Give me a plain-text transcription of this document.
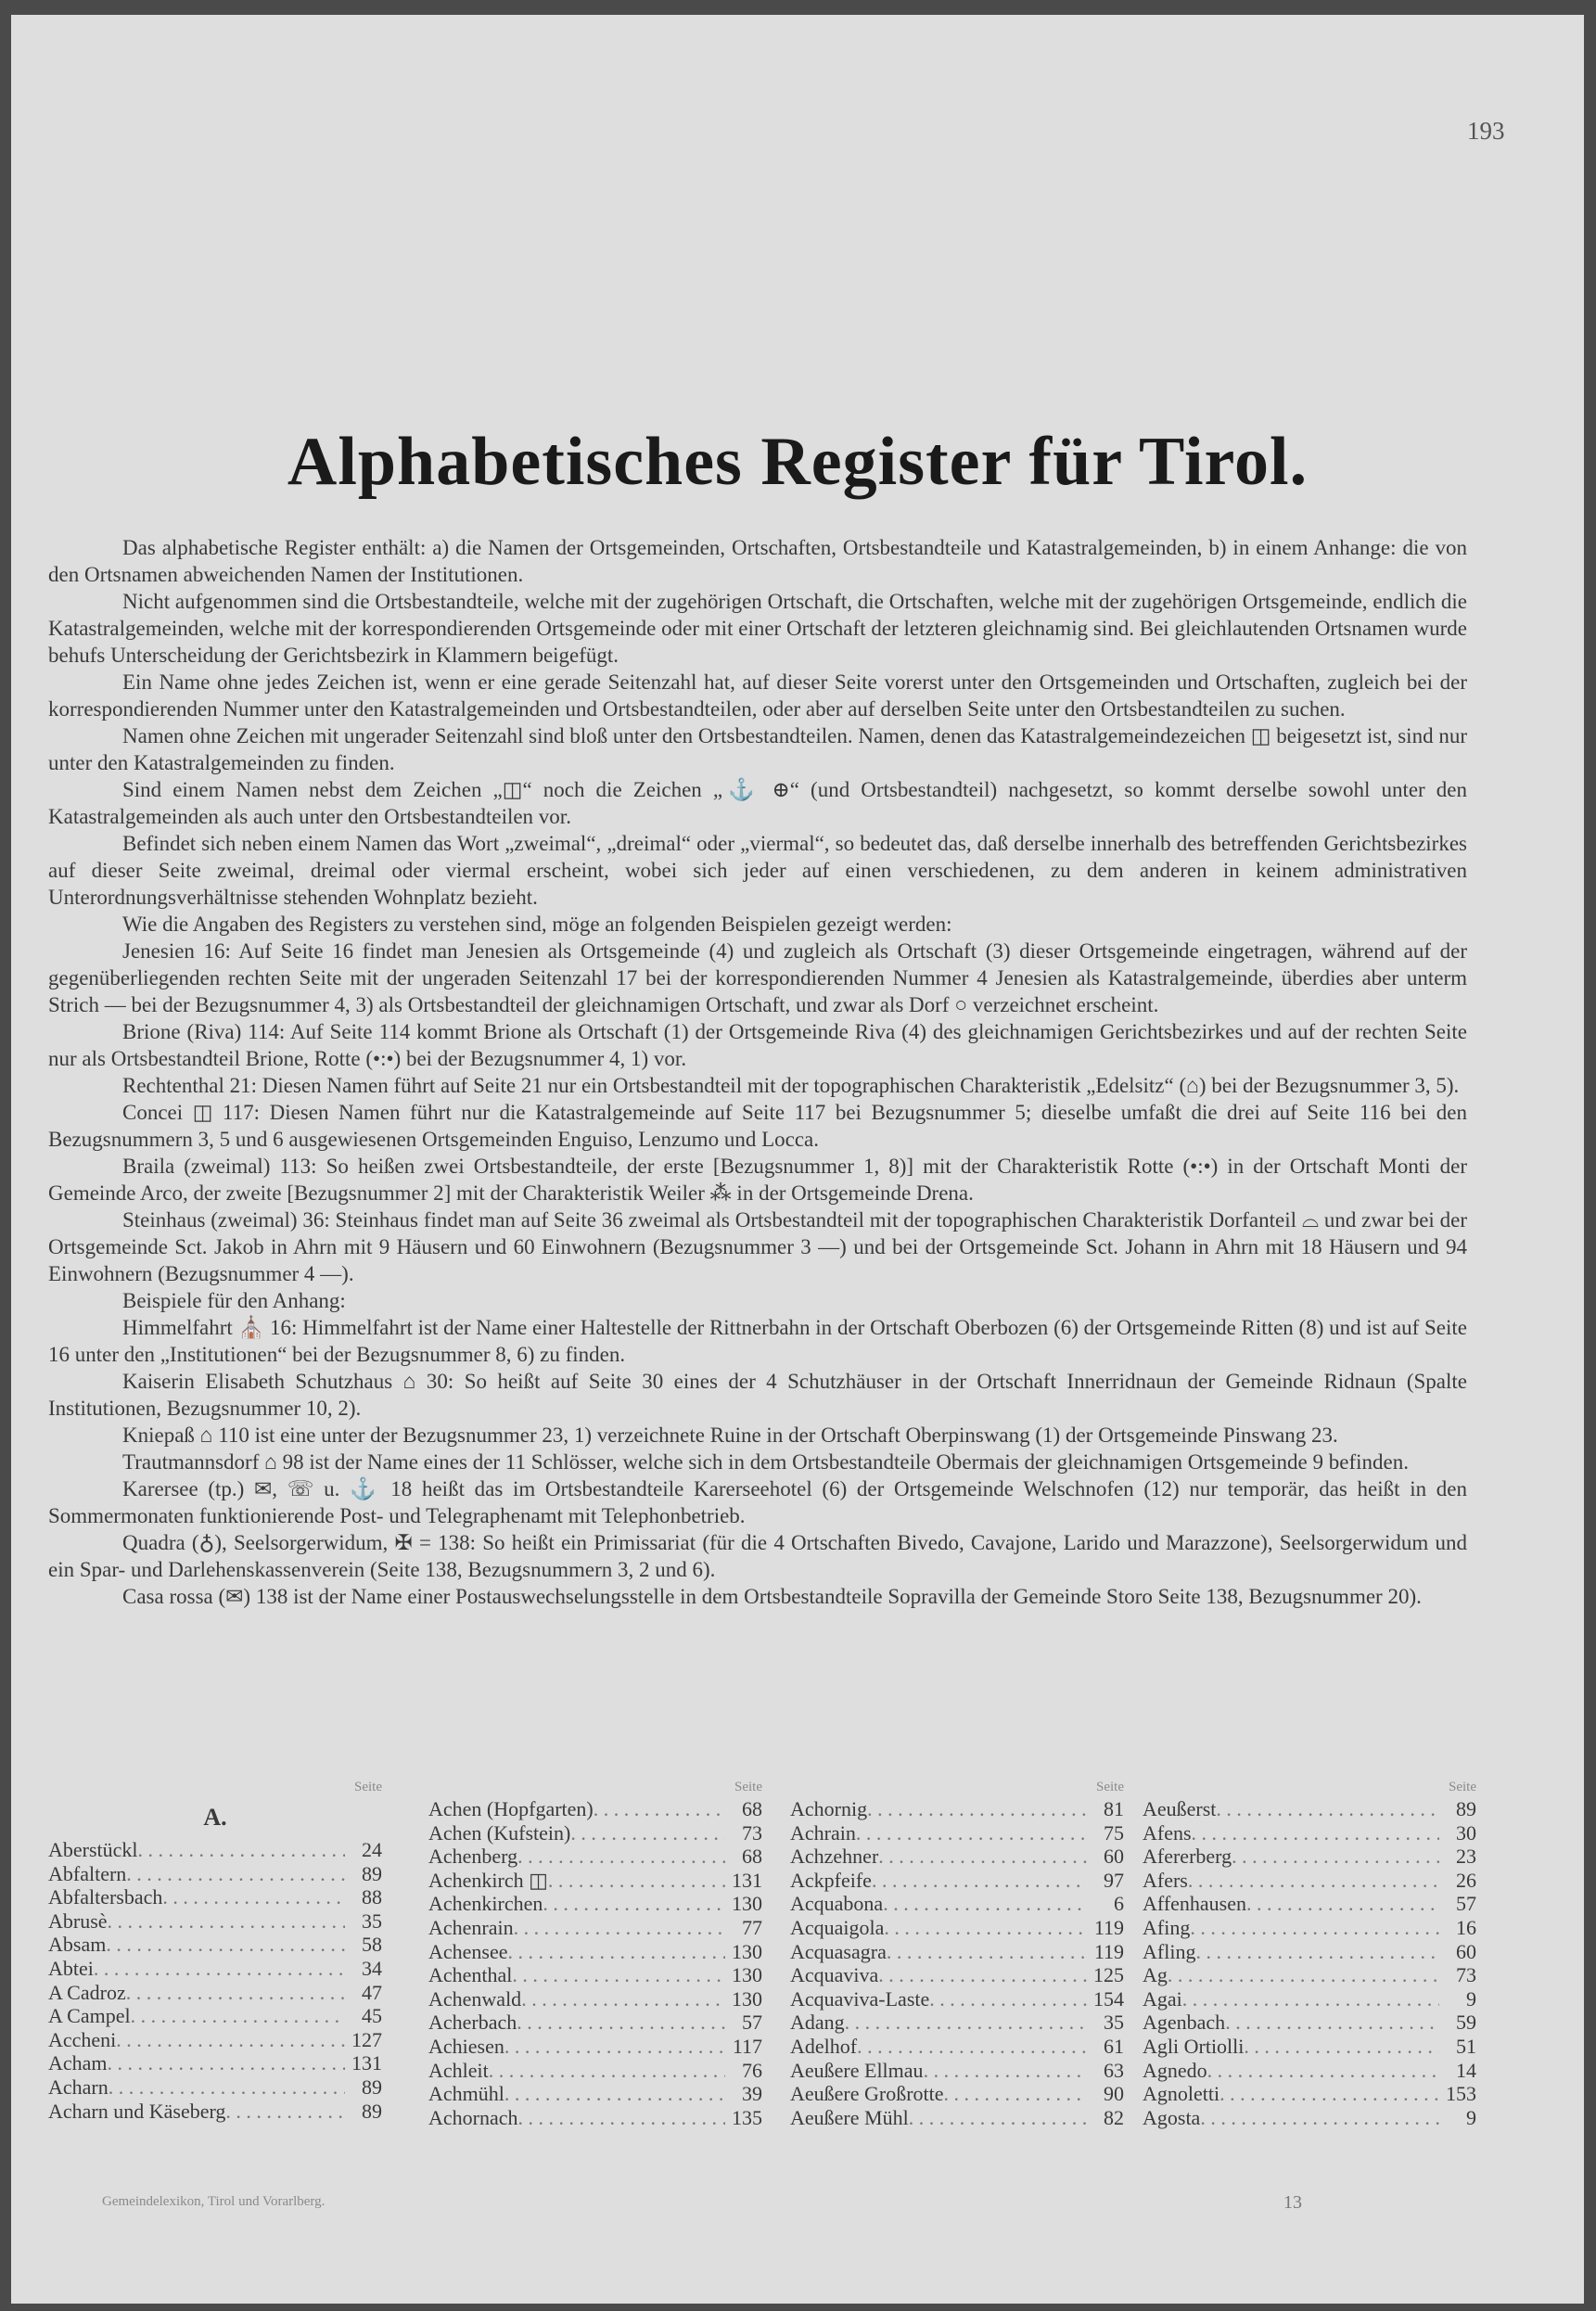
193
Alphabetisches Register für Tirol.

Das alphabetische Register enthält: a) die Namen der Ortsgemeinden, Ortschaften, Ortsbestandteile und Katastralgemeinden, b) in einem Anhange: die von den Ortsnamen abweichenden Namen der Institutionen.

Nicht aufgenommen sind die Ortsbestandteile, welche mit der zugehörigen Ortschaft, die Ortschaften, welche mit der zugehörigen Ortsgemeinde, endlich die Katastralgemeinden, welche mit der korrespondierenden Ortsgemeinde oder mit einer Ortschaft der letzteren gleichnamig sind. Bei gleichlautenden Ortsnamen wurde behufs Unterscheidung der Gerichtsbezirk in Klammern beigefügt.

Ein Name ohne jedes Zeichen ist, wenn er eine gerade Seitenzahl hat, auf dieser Seite vorerst unter den Ortsgemeinden und Ortschaften, zugleich bei der korrespondierenden Nummer unter den Katastralgemeinden und Ortsbestandteilen, oder aber auf derselben Seite unter den Ortsbestandteilen zu suchen.

Namen ohne Zeichen mit ungerader Seitenzahl sind bloß unter den Ortsbestandteilen. Namen, denen das Katastralgemeindezeichen ◫ beigesetzt ist, sind nur unter den Katastralgemeinden zu finden.

Sind einem Namen nebst dem Zeichen „◫“ noch die Zeichen „⚓ ⊕“ (und Ortsbestandteil) nachgesetzt, so kommt derselbe sowohl unter den Katastralgemeinden als auch unter den Ortsbestandteilen vor.

Befindet sich neben einem Namen das Wort „zweimal“, „dreimal“ oder „viermal“, so bedeutet das, daß derselbe innerhalb des betreffenden Gerichtsbezirkes auf dieser Seite zweimal, dreimal oder viermal erscheint, wobei sich jeder auf einen verschiedenen, zu dem anderen in keinem administrativen Unterordnungsverhältnisse stehenden Wohnplatz bezieht.

Wie die Angaben des Registers zu verstehen sind, möge an folgenden Beispielen gezeigt werden:

Jenesien 16: Auf Seite 16 findet man Jenesien als Ortsgemeinde (4) und zugleich als Ortschaft (3) dieser Ortsgemeinde eingetragen, während auf der gegenüberliegenden rechten Seite mit der ungeraden Seitenzahl 17 bei der korrespondierenden Nummer 4 Jenesien als Katastralgemeinde, überdies aber unterm Strich — bei der Bezugsnummer 4, 3) als Ortsbestandteil der gleichnamigen Ortschaft, und zwar als Dorf ○ verzeichnet erscheint.

Brione (Riva) 114: Auf Seite 114 kommt Brione als Ortschaft (1) der Ortsgemeinde Riva (4) des gleichnamigen Gerichtsbezirkes und auf der rechten Seite nur als Ortsbestandteil Brione, Rotte (•:•) bei der Bezugsnummer 4, 1) vor.

Rechtenthal 21: Diesen Namen führt auf Seite 21 nur ein Ortsbestandteil mit der topographischen Charakteristik „Edelsitz“ (⌂) bei der Bezugsnummer 3, 5).

Concei ◫ 117: Diesen Namen führt nur die Katastralgemeinde auf Seite 117 bei Bezugsnummer 5; dieselbe umfaßt die drei auf Seite 116 bei den Bezugsnummern 3, 5 und 6 ausgewiesenen Ortsgemeinden Enguiso, Lenzumo und Locca.

Braila (zweimal) 113: So heißen zwei Ortsbestandteile, der erste [Bezugsnummer 1, 8)] mit der Charakteristik Rotte (•:•) in der Ortschaft Monti der Gemeinde Arco, der zweite [Bezugsnummer 2] mit der Charakteristik Weiler ⁂ in der Ortsgemeinde Drena.

Steinhaus (zweimal) 36: Steinhaus findet man auf Seite 36 zweimal als Ortsbestandteil mit der topographischen Charakteristik Dorfanteil ⌓ und zwar bei der Ortsgemeinde Sct. Jakob in Ahrn mit 9 Häusern und 60 Einwohnern (Bezugsnummer 3 —) und bei der Ortsgemeinde Sct. Johann in Ahrn mit 18 Häusern und 94 Einwohnern (Bezugsnummer 4 —).

Beispiele für den Anhang:

Himmelfahrt ⛪ 16: Himmelfahrt ist der Name einer Haltestelle der Rittnerbahn in der Ortschaft Oberbozen (6) der Ortsgemeinde Ritten (8) und ist auf Seite 16 unter den „Institutionen“ bei der Bezugsnummer 8, 6) zu finden.

Kaiserin Elisabeth Schutzhaus ⌂ 30: So heißt auf Seite 30 eines der 4 Schutzhäuser in der Ortschaft Innerridnaun der Gemeinde Ridnaun (Spalte Institutionen, Bezugsnummer 10, 2).

Kniepaß ⌂ 110 ist eine unter der Bezugsnummer 23, 1) verzeichnete Ruine in der Ortschaft Oberpinswang (1) der Ortsgemeinde Pinswang 23.

Trautmannsdorf ⌂ 98 ist der Name eines der 11 Schlösser, welche sich in dem Ortsbestandteile Obermais der gleichnamigen Ortsgemeinde 9 befinden.

Karersee (tp.) ✉, ☏ u. ⚓ 18 heißt das im Ortsbestandteile Karerseehotel (6) der Ortsgemeinde Welschnofen (12) nur temporär, das heißt in den Sommermonaten funktionierende Post- und Telegraphenamt mit Telephonbetrieb.

Quadra (♁), Seelsorgerwidum, ✠ = 138: So heißt ein Primissariat (für die 4 Ortschaften Bivedo, Cavajone, Larido und Marazzone), Seelsorgerwidum und ein Spar- und Darlehenskassenverein (Seite 138, Bezugsnummern 3, 2 und 6).

Casa rossa (✉) 138 ist der Name einer Postauswechselungsstelle in dem Ortsbestandteile Sopravilla der Gemeinde Storo Seite 138, Bezugsnummer 20).

Seite
A.
Aberstückl . . .	24
Abfaltern . . .	89
Abfaltersbach . . .	88
Abrusè . . .	35
Absam . . .	58
Abtei . . .	34
A Cadroz . . .	47
A Campel . . .	45
Accheni . . .	127
Acham . . .	131
Acharn . . .	89
Acharn und Käseberg . . .	89
Seite
Achen (Hopfgarten) . . .	68
Achen (Kufstein) . . .	73
Achenberg . . .	68
Achenkirch ◫ . . .	131
Achenkirchen . . .	130
Achenrain . . .	77
Achensee . . .	130
Achenthal . . .	130
Achenwald . . .	130
Acherbach . . .	57
Achiesen . . .	117
Achleit . . .	76
Achmühl . . .	39
Achornach . . .	135
Seite
Achornig . . .	81
Achrain . . .	75
Achzehner . . .	60
Ackpfeife . . .	97
Acquabona . . .	6
Acquaigola . . .	119
Acquasagra . . .	119
Acquaviva . . .	125
Acquaviva-Laste . . .	154
Adang . . .	35
Adelhof . . .	61
Aeußere Ellmau . . .	63
Aeußere Großrotte . . .	90
Aeußere Mühl . . .	82
Seite
Aeußerst . . .	89
Afens . . .	30
Afererberg . . .	23
Afers . . .	26
Affenhausen . . .	57
Afing . . .	16
Afling . . .	60
Ag . . .	73
Agai . . .	9
Agenbach . . .	59
Agli Ortiolli . . .	51
Agnedo . . .	14
Agnoletti . . .	153
Agosta . . .	9
Gemeindelexikon, Tirol und Vorarlberg.	13
